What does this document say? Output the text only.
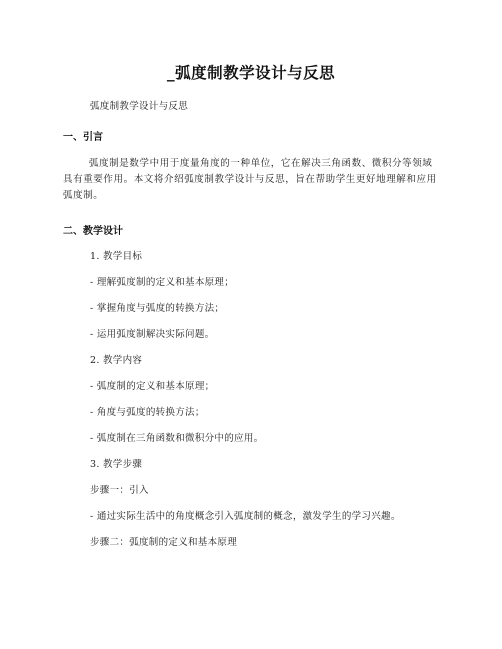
_弧度制教学设计与反思
弧度制教学设计与反思
一、引言
弧度制是数学中用于度量角度的一种单位，它在解决三角函数、微积分等领域具有重要作用。本文将介绍弧度制教学设计与反思，旨在帮助学生更好地理解和应用弧度制。
二、教学设计
1. 教学目标
- 理解弧度制的定义和基本原理；
- 掌握角度与弧度的转换方法；
- 运用弧度制解决实际问题。
2. 教学内容
- 弧度制的定义和基本原理；
- 角度与弧度的转换方法；
- 弧度制在三角函数和微积分中的应用。
3. 教学步骤
步骤一：引入
- 通过实际生活中的角度概念引入弧度制的概念，激发学生的学习兴趣。
步骤二：弧度制的定义和基本原理
